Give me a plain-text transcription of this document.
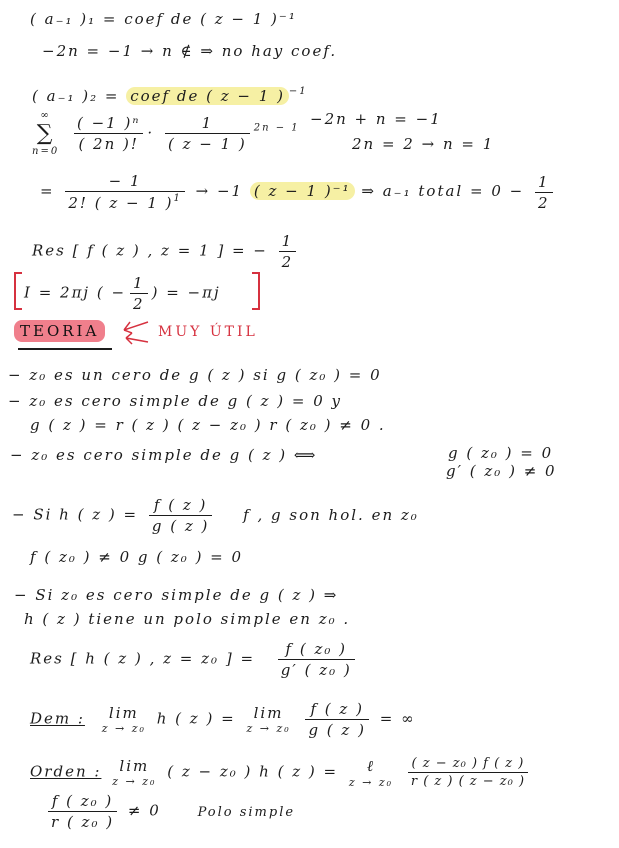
( a₋₁ )₁ = coef de ( z − 1 )⁻¹
−2n = −1 → n ∉ ⇒ no hay coef.
( a₋₁ )₂ = coef de ( z − 1 ) $^{-1}$
∞
∑
n=0
$\frac{\text{( −1 )ⁿ}}{( 2n )!} \cdot \frac{1}{( z - 1 )} ^{2n - 1} -2n + n = -1$
2n = 2 → n = 1
= $\frac{- 1}{2! ( z - 1 )^1} \to -1$ ( z − 1 )⁻¹ ⇒ a₋₁ total = $0 - \frac{1}{2}$
Res [ f ( z ) , z = 1 ] = − $\frac{1}{2}$
I = 2πj ( − $\frac{1}{2}$ ) = −πj
TEORIA	MUY ÚTIL
− z₀ es un cero de g ( z ) si g ( z₀ ) = 0
− z₀ es cero simple de g ( z ) = 0 y
g ( z ) = r ( z ) ( z − z₀ ) r ( z₀ ) ≠ 0 .
− z₀ es cero simple de g ( z ) ⟺	g ( z₀ ) = 0
g′ ( z₀ ) ≠ 0
− Si h ( z ) = $\frac{f ( z )}{g ( z )}$ f , g son hol. en z₀
f ( z₀ ) ≠ 0 g ( z₀ ) = 0
− Si z₀ es cero simple de g ( z ) ⇒
h ( z ) tiene un polo simple en z₀ .
Res [ h ( z ) , z = z₀ ] = $\frac{\text{f ( z₀ )}}{\text{g′ ( z₀ )}}$
Dem :	lim
z → z₀
h ( z ) =	lim
z → z₀
$\frac{f ( z )}{g ( z )}$ = ∞
Orden :	lim
z → z₀
( z − z₀ ) h ( z ) =	ℓ
z → z₀
$\frac{\text{( z − z₀ ) f ( z )}}{\text{r ( z ) ( z − z₀ )}}$
$\frac{\text{f ( z₀ )}}{\text{r ( z₀ )}} \ne 0$	Polo simple
